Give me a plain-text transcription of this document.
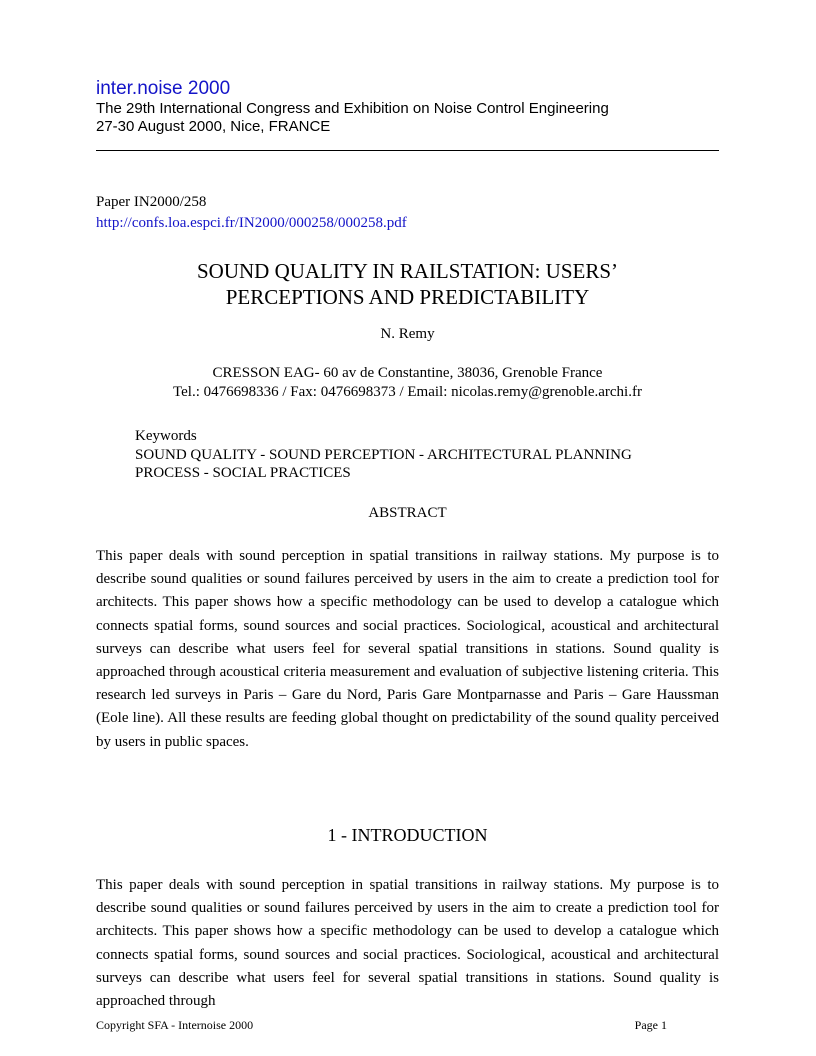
inter.noise 2000

The 29th International Congress and Exhibition on Noise Control Engineering

27-30 August 2000, Nice, FRANCE

Paper IN2000/258
http://confs.loa.espci.fr/IN2000/000258/000258.pdf
SOUND QUALITY IN RAILSTATION: USERS’
PERCEPTIONS AND PREDICTABILITY
N. Remy
CRESSON EAG- 60 av de Constantine, 38036, Grenoble France
Tel.: 0476698336 / Fax: 0476698373 / Email: nicolas.remy@grenoble.archi.fr
Keywords
SOUND QUALITY - SOUND PERCEPTION - ARCHITECTURAL PLANNING
PROCESS - SOCIAL PRACTICES
ABSTRACT

This paper deals with sound perception in spatial transitions in railway stations. My purpose is to describe sound qualities or sound failures perceived by users in the aim to create a prediction tool for architects. This paper shows how a specific methodology can be used to develop a catalogue which connects spatial forms, sound sources and social practices. Sociological, acoustical and architectural surveys can describe what users feel for several spatial transitions in stations. Sound quality is approached through acoustical criteria measurement and evaluation of subjective listening criteria. This research led surveys in Paris – Gare du Nord, Paris Gare Montparnasse and Paris – Gare Haussman (Eole line). All these results are feeding global thought on predictability of the sound quality perceived by users in public spaces.

1 - INTRODUCTION

This paper deals with sound perception in spatial transitions in railway stations. My purpose is to describe sound qualities or sound failures perceived by users in the aim to create a prediction tool for architects. This paper shows how a specific methodology can be used to develop a catalogue which connects spatial forms, sound sources and social practices. Sociological, acoustical and architectural surveys can describe what users feel for several spatial transitions in stations. Sound quality is approached through

Copyright SFA - Internoise 2000	Page 1
